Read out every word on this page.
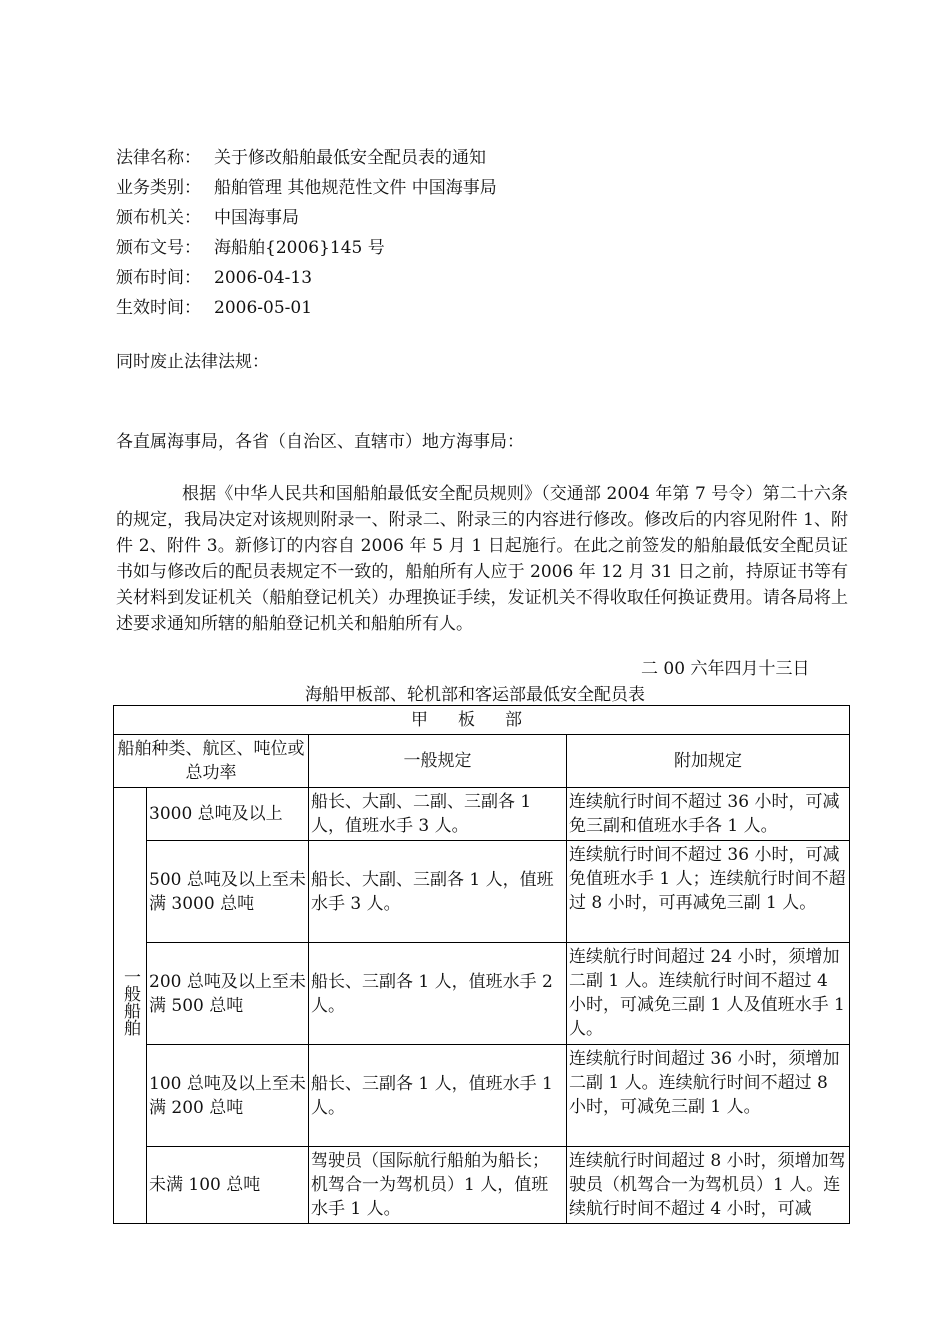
法律名称： 关于修改船舶最低安全配员表的通知
业务类别： 船舶管理 其他规范性文件 中国海事局
颁布机关： 中国海事局
颁布文号： 海船舶{2006}145 号
颁布时间： 2006-04-13
生效时间： 2006-05-01
同时废止法律法规：
各直属海事局，各省（自治区、直辖市）地方海事局：
根据《中华人民共和国船舶最低安全配员规则》（交通部 2004 年第 7 号令）第二十六条的规定，我局决定对该规则附录一、附录二、附录三的内容进行修改。修改后的内容见附件 1、附件 2、附件 3。新修订的内容自 2006 年 5 月 1 日起施行。在此之前签发的船舶最低安全配员证书如与修改后的配员表规定不一致的，船舶所有人应于 2006 年 12 月 31 日之前，持原证书等有关材料到发证机关（船舶登记机关）办理换证手续，发证机关不得收取任何换证费用。请各局将上述要求通知所辖的船舶登记机关和船舶所有人。
二 00 六年四月十三日
海船甲板部、轮机部和客运部最低安全配员表
甲板部			
船舶种类、航区、吨位或总功率		一般规定	附加规定
一般船舶	3000 总吨及以上	船长、大副、二副、三副各 1 人，值班水手 3 人。	连续航行时间不超过 36 小时，可减免三副和值班水手各 1 人。
	500 总吨及以上至未满 3000 总吨	船长、大副、三副各 1 人，值班水手 3 人。	连续航行时间不超过 36 小时，可减免值班水手 1 人；连续航行时间不超过 8 小时，可再减免三副 1 人。
	200 总吨及以上至未满 500 总吨	船长、三副各 1 人，值班水手 2 人。	连续航行时间超过 24 小时，须增加二副 1 人。连续航行时间不超过 4 小时，可减免三副 1 人及值班水手 1 人。
	100 总吨及以上至未满 200 总吨	船长、三副各 1 人，值班水手 1 人。	连续航行时间超过 36 小时，须增加二副 1 人。连续航行时间不超过 8 小时，可减免三副 1 人。
	未满 100 总吨	驾驶员（国际航行船舶为船长；机驾合一为驾机员）1 人，值班水手 1 人。	连续航行时间超过 8 小时，须增加驾驶员（机驾合一为驾机员）1 人。连续航行时间不超过 4 小时，可减
